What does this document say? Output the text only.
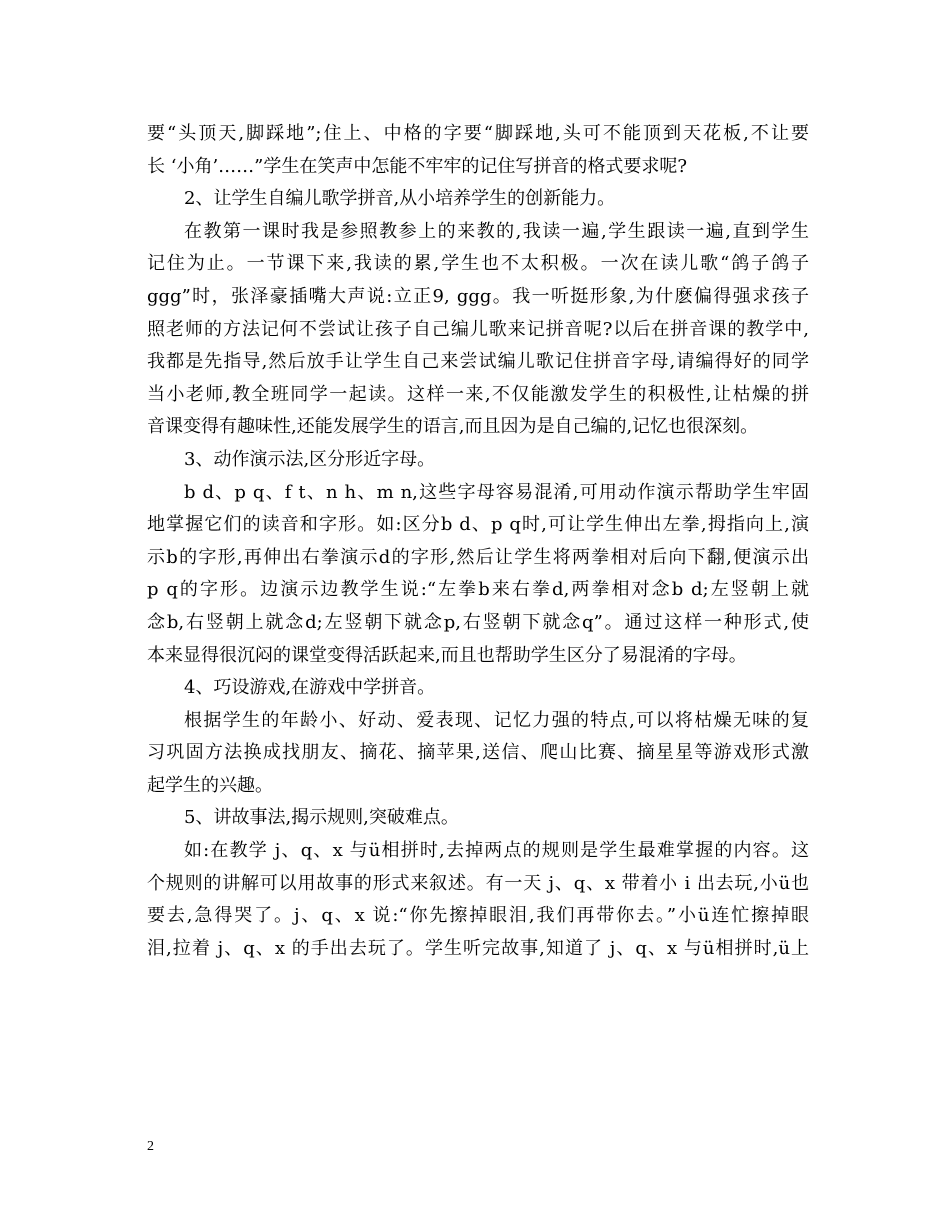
要“头顶天,脚踩地”;住上、中格的字要“脚踩地,头可不能顶到天花板,不让要
长 ‘小角’……”学生在笑声中怎能不牢牢的记住写拼音的格式要求呢?
2、让学生自编儿歌学拼音,从小培养学生的创新能力。
在教第一课时我是参照教参上的来教的,我读一遍,学生跟读一遍,直到学生
记住为止。一节课下来,我读的累,学生也不太积极。一次在读儿歌“鸽子鸽子
ggg”时，张泽豪插嘴大声说:立正9, ggg。我一听挺形象,为什麽偏得强求孩子
照老师的方法记何不尝试让孩子自己编儿歌来记拼音呢?以后在拼音课的教学中,
我都是先指导,然后放手让学生自己来尝试编儿歌记住拼音字母,请编得好的同学
当小老师,教全班同学一起读。这样一来,不仅能激发学生的积极性,让枯燥的拼
音课变得有趣味性,还能发展学生的语言,而且因为是自己编的,记忆也很深刻。
3、动作演示法,区分形近字母。
b d、p q、f t、n h、m n,这些字母容易混淆,可用动作演示帮助学生牢固
地掌握它们的读音和字形。如:区分b d、p q时,可让学生伸出左拳,拇指向上,演
示b的字形,再伸出右拳演示d的字形,然后让学生将两拳相对后向下翻,便演示出
p q的字形。边演示边教学生说:“左拳b来右拳d,两拳相对念b d;左竖朝上就
念b,右竖朝上就念d;左竖朝下就念p,右竖朝下就念q”。通过这样一种形式,使
本来显得很沉闷的课堂变得活跃起来,而且也帮助学生区分了易混淆的字母。
4、巧设游戏,在游戏中学拼音。
根据学生的年龄小、好动、爱表现、记忆力强的特点,可以将枯燥无味的复
习巩固方法换成找朋友、摘花、摘苹果,送信、爬山比赛、摘星星等游戏形式激
起学生的兴趣。
5、讲故事法,揭示规则,突破难点。
如:在教学 j、q、x 与ü相拼时,去掉两点的规则是学生最难掌握的内容。这
个规则的讲解可以用故事的形式来叙述。有一天 j、q、x 带着小 i 出去玩,小ü也
要去,急得哭了。j、q、x 说:“你先擦掉眼泪,我们再带你去。”小ü连忙擦掉眼
泪,拉着 j、q、x 的手出去玩了。学生听完故事,知道了 j、q、x 与ü相拼时,ü上
2
